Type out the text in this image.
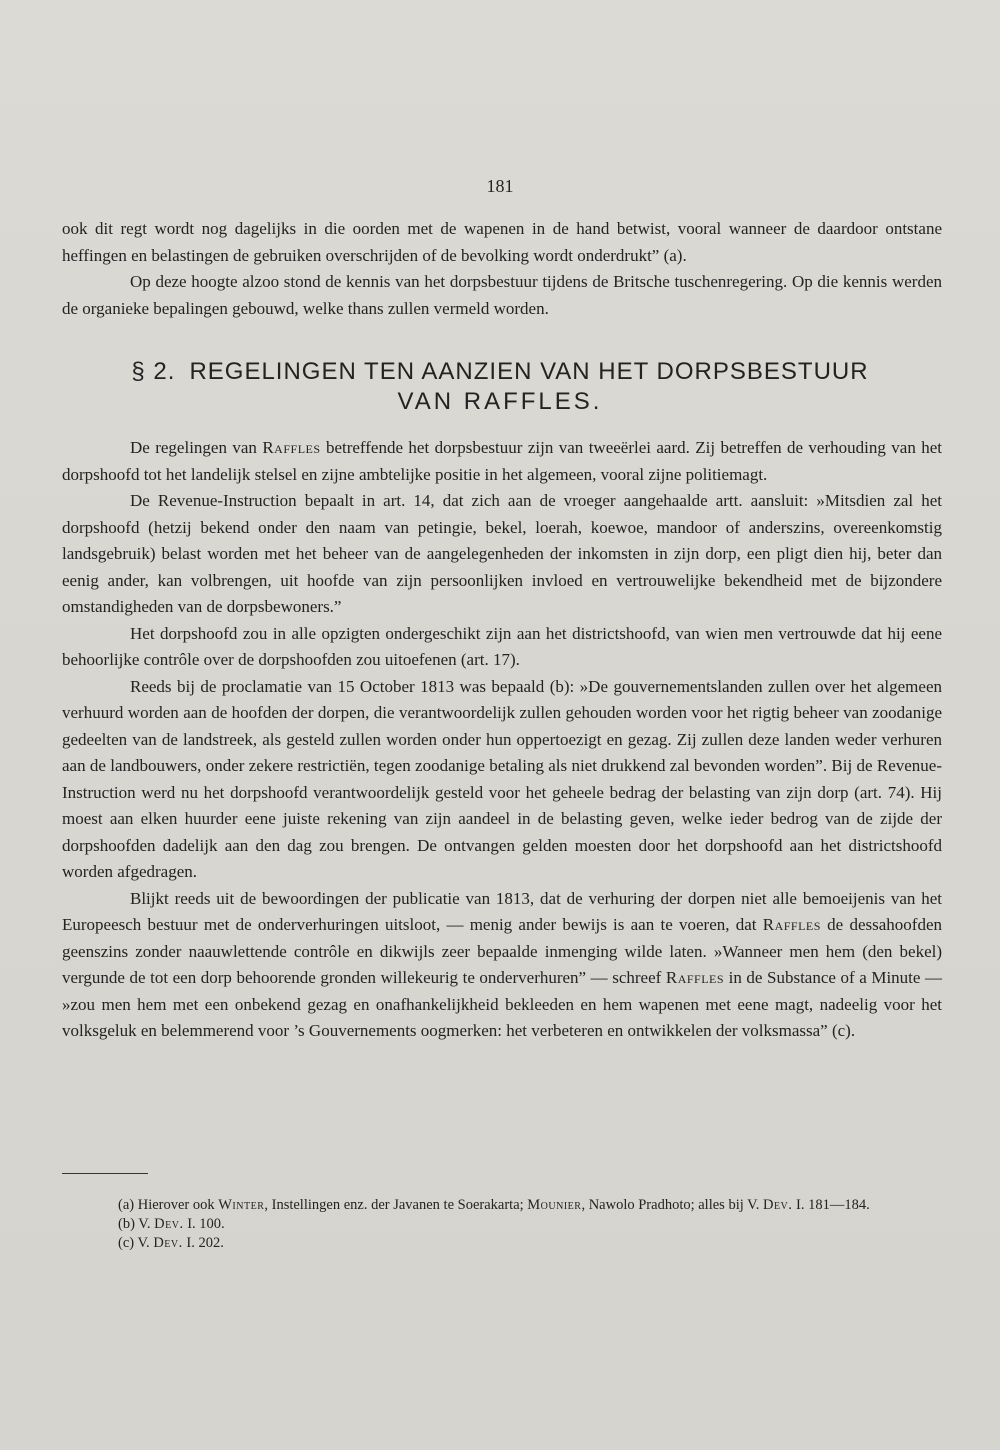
181

ook dit regt wordt nog dagelijks in die oorden met de wapenen in de hand betwist, vooral wanneer de daardoor ontstane heffingen en belastingen de gebruiken overschrijden of de bevolking wordt onderdrukt” (a).

Op deze hoogte alzoo stond de kennis van het dorpsbestuur tijdens de Britsche tuschenregering. Op die kennis werden de organieke bepalingen gebouwd, welke thans zullen vermeld worden.

§ 2. REGELINGEN TEN AANZIEN VAN HET DORPSBESTUUR
VAN RAFFLES.

De regelingen van Raffles betreffende het dorpsbestuur zijn van tweeërlei aard. Zij betreffen de verhouding van het dorpshoofd tot het landelijk stelsel en zijne ambtelijke positie in het algemeen, vooral zijne politiemagt.

De Revenue-Instruction bepaalt in art. 14, dat zich aan de vroeger aangehaalde artt. aansluit: »Mitsdien zal het dorpshoofd (hetzij bekend onder den naam van petingie, bekel, loerah, koewoe, mandoor of anderszins, overeenkomstig landsgebruik) belast worden met het beheer van de aangelegenheden der inkomsten in zijn dorp, een pligt dien hij, beter dan eenig ander, kan volbrengen, uit hoofde van zijn persoonlijken invloed en vertrouwelijke bekendheid met de bijzondere omstandigheden van de dorpsbewoners.”

Het dorpshoofd zou in alle opzigten ondergeschikt zijn aan het districtshoofd, van wien men vertrouwde dat hij eene behoorlijke contrôle over de dorpshoofden zou uitoefenen (art. 17).

Reeds bij de proclamatie van 15 October 1813 was bepaald (b): »De gouvernementslanden zullen over het algemeen verhuurd worden aan de hoofden der dorpen, die verantwoordelijk zullen gehouden worden voor het rigtig beheer van zoodanige gedeelten van de landstreek, als gesteld zullen worden onder hun oppertoezigt en gezag. Zij zullen deze landen weder verhuren aan de landbouwers, onder zekere restrictiën, tegen zoodanige betaling als niet drukkend zal bevonden worden”. Bij de Revenue-Instruction werd nu het dorpshoofd verantwoordelijk gesteld voor het geheele bedrag der belasting van zijn dorp (art. 74). Hij moest aan elken huurder eene juiste rekening van zijn aandeel in de belasting geven, welke ieder bedrog van de zijde der dorpshoofden dadelijk aan den dag zou brengen. De ontvangen gelden moesten door het dorpshoofd aan het districtshoofd worden afgedragen.

Blijkt reeds uit de bewoordingen der publicatie van 1813, dat de verhuring der dorpen niet alle bemoeijenis van het Europeesch bestuur met de onderverhuringen uitsloot, — menig ander bewijs is aan te voeren, dat Raffles de dessahoofden geenszins zonder naauwlettende contrôle en dikwijls zeer bepaalde inmenging wilde laten. »Wanneer men hem (den bekel) vergunde de tot een dorp behoorende gronden willekeurig te onderverhuren” — schreef Raffles in de Substance of a Minute — »zou men hem met een onbekend gezag en onafhankelijkheid bekleeden en hem wapenen met eene magt, nadeelig voor het volksgeluk en belemmerend voor ’s Gouvernements oogmerken: het verbeteren en ontwikkelen der volksmassa” (c).

(a) Hierover ook Winter, Instellingen enz. der Javanen te Soerakarta; Mounier, Nawolo Pradhoto; alles bij V. Dev. I. 181—184.

(b) V. Dev. I. 100.

(c) V. Dev. I. 202.
